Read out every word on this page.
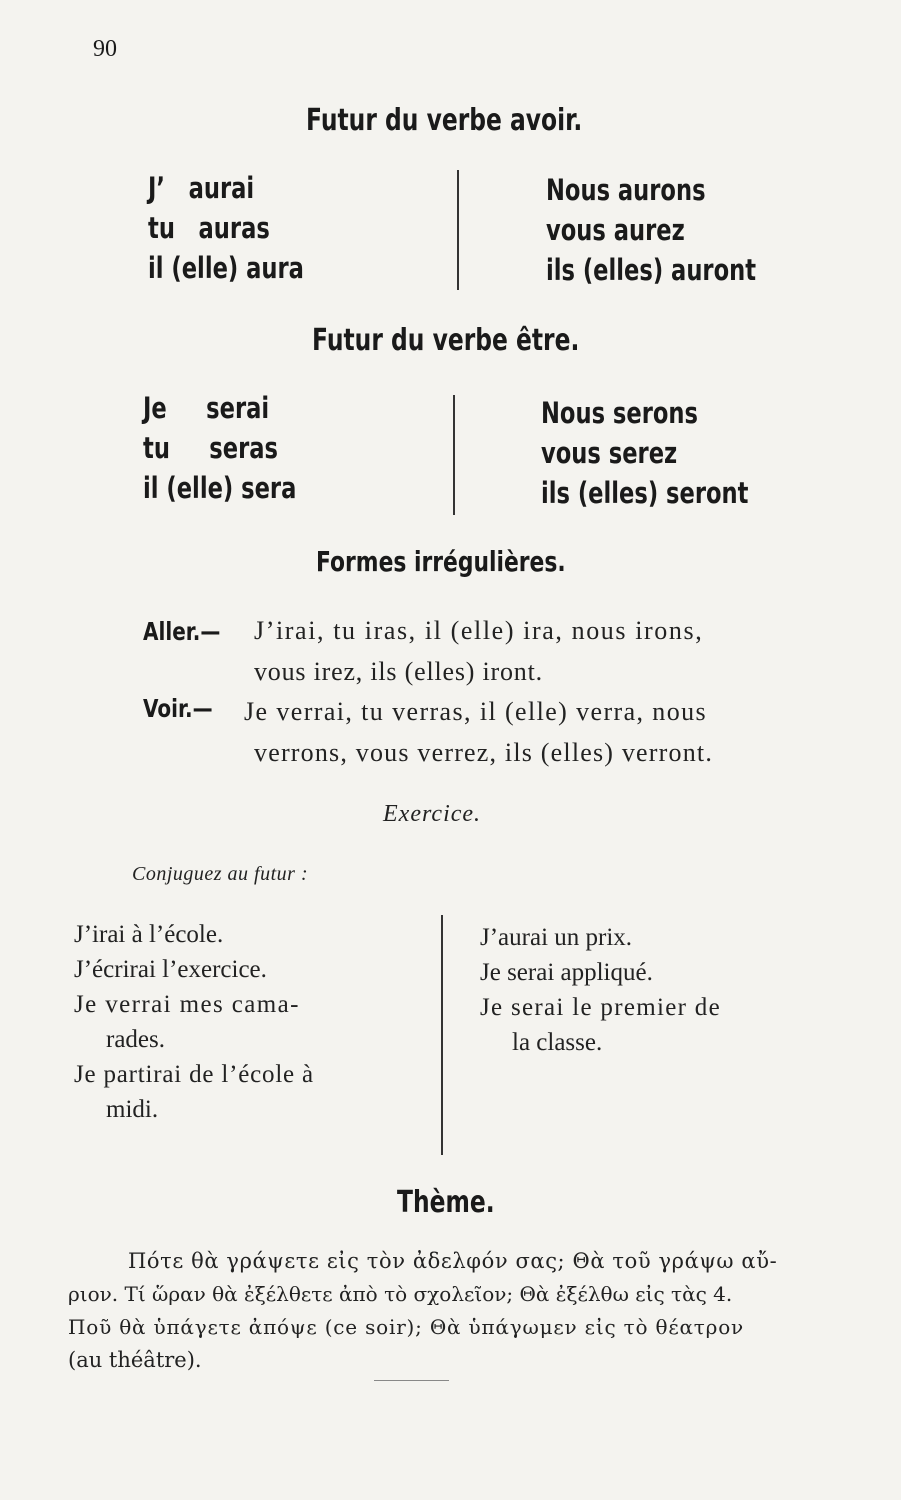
90
Futur du verbe avoir.
J’   aurai
tu   auras
il (elle) aura
Nous aurons
vous aurez
ils (elles) auront
Futur du verbe être.
Je     serai
tu     seras
il (elle) sera
Nous serons
vous serez
ils (elles) seront
Formes irrégulières.
Aller.—	J’irai, tu iras, il (elle) ira, nous irons,
vous irez, ils (elles) iront.
Voir.—	Je verrai, tu verras, il (elle) verra, nous
verrons, vous verrez, ils (elles) verront.
Exercice.
Conjuguez au futur :
J’irai à l’école.
J’écrirai l’exercice.
Je verrai mes cama-
rades.
Je partirai de l’école à
midi.
J’aurai un prix.
Je serai appliqué.
Je serai le premier de
la classe.
Thème.
Πότε θὰ γράψετε εἰς τὸν ἀδελφόν σας; Θὰ τοῦ γράψω αὔ-
ριον. Τί ὥραν θὰ ἐξέλθετε ἀπὸ τὸ σχολεῖον; Θὰ ἐξέλθω εἰς τὰς 4.
Ποῦ θὰ ὑπάγετε ἀπόψε (ce soir); Θὰ ὑπάγωμεν εἰς τὸ θέατρον
(au théâtre).
